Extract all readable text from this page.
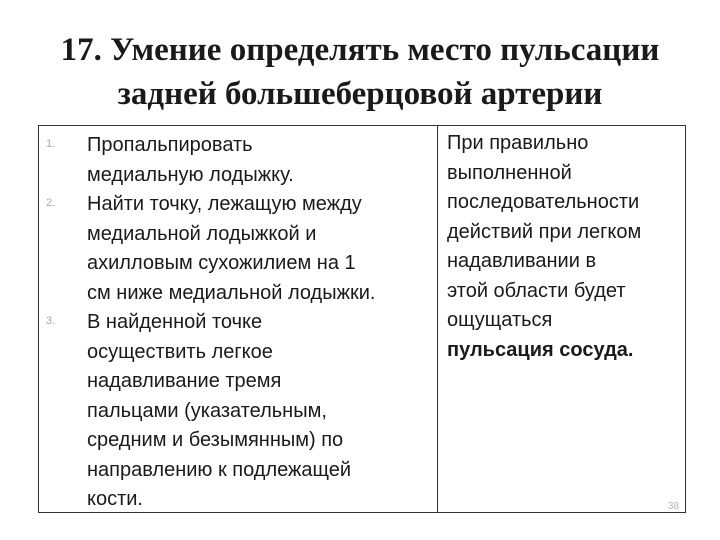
17. Умение определять место пульсации
задней большеберцовой артерии
1. Пропальпировать
медиальную лодыжку.
2. Найти точку, лежащую между
медиальной лодыжкой и
ахилловым сухожилием на 1
см ниже медиальной лодыжки.
3. В найденной точке
осуществить легкое
надавливание тремя
пальцами (указательным,
средним и безымянным) по
направлению к подлежащей
кости.
При правильно
выполненной
последовательности
действий при легком
надавливании в
этой области будет
ощущаться
пульсация сосуда.
38
